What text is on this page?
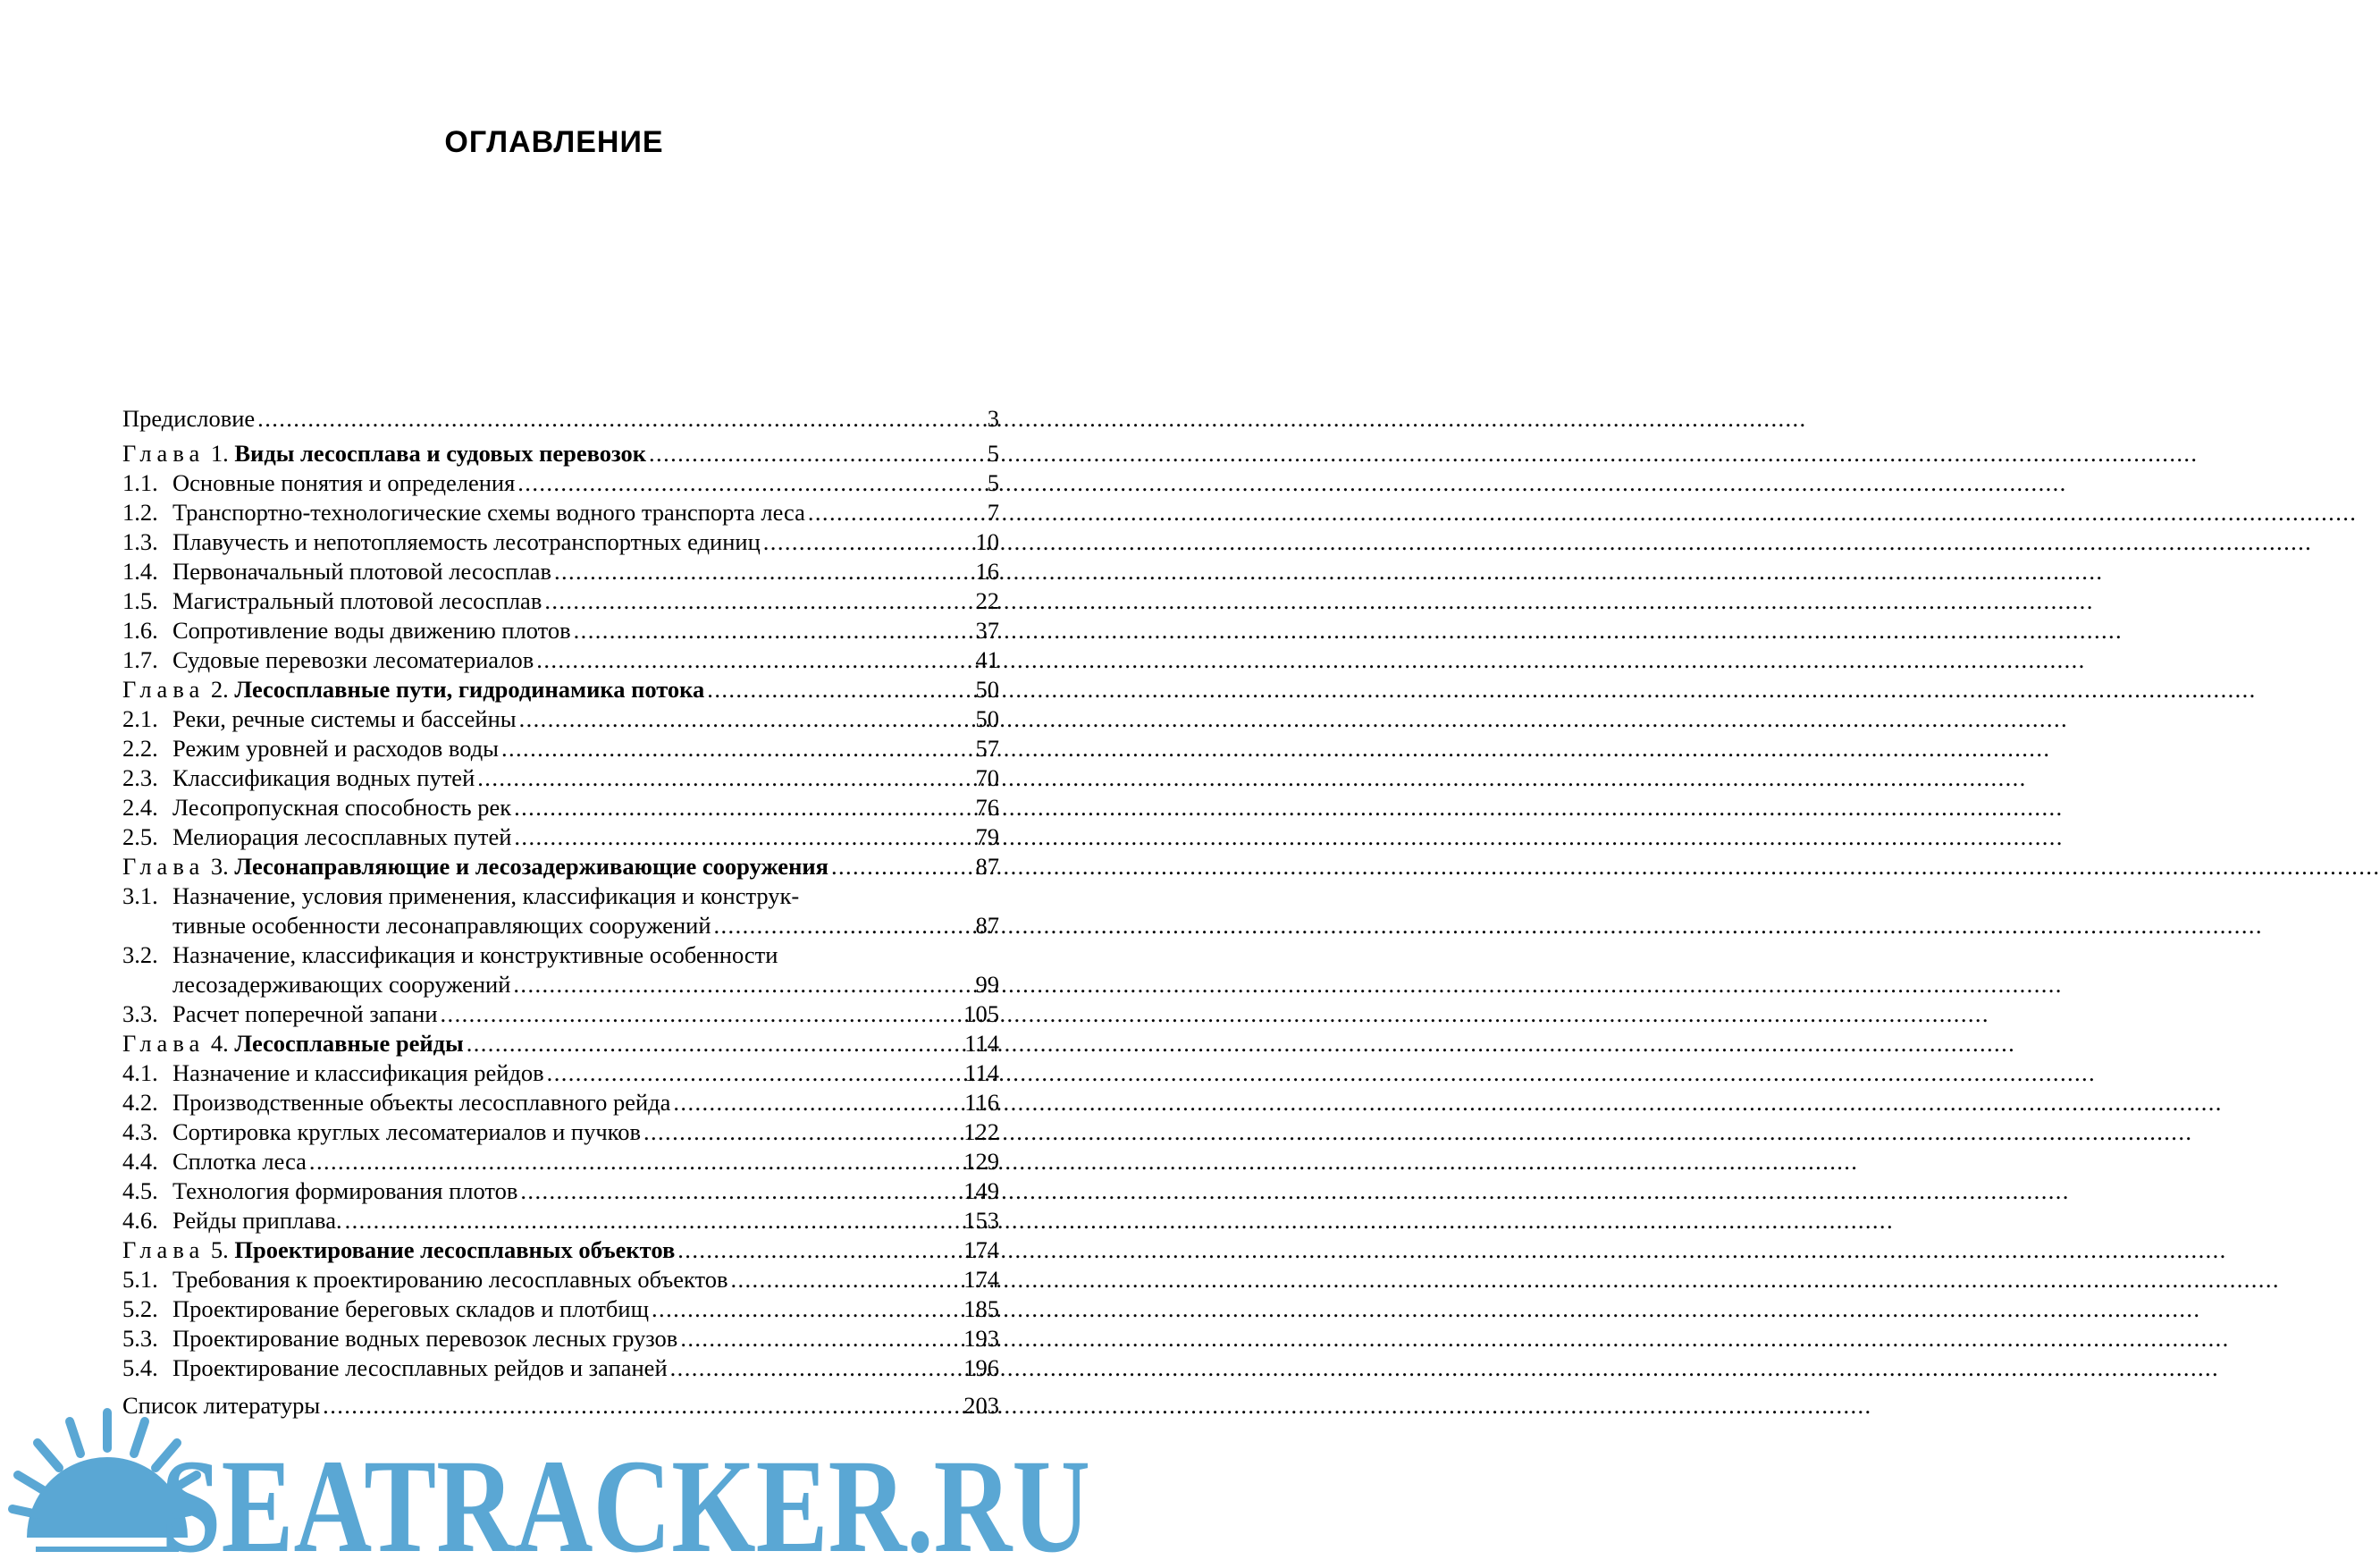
ОГЛАВЛЕНИЕ
Предисловие .....	3
Глава 1. Виды лесосплава и судовых перевозок .....	5
1.1. Основные понятия и определения .....	5
1.2. Транспортно-технологические схемы водного транспорта леса .....	7
1.3. Плавучесть и непотопляемость лесотранспортных единиц .....	10
1.4. Первоначальный плотовой лесосплав .....	16
1.5. Магистральный плотовой лесосплав .....	22
1.6. Сопротивление воды движению плотов .....	37
1.7. Судовые перевозки лесоматериалов .....	41
Глава 2. Лесосплавные пути, гидродинамика потока .....	50
2.1. Реки, речные системы и бассейны .....	50
2.2. Режим уровней и расходов воды .....	57
2.3. Классификация водных путей .....	70
2.4. Лесопропускная способность рек .....	76
2.5. Мелиорация лесосплавных путей .....	79
Глава 3. Лесонаправляющие и лесозадерживающие сооружения .....	87
3.1. Назначение, условия применения, классификация и конструк-
тивные особенности лесонаправляющих сооружений .....	87
3.2. Назначение, классификация и конструктивные особенности
лесозадерживающих сооружений .....	99
3.3. Расчет поперечной запани .....	105
Глава 4. Лесосплавные рейды .....	114
4.1. Назначение и классификация рейдов .....	114
4.2. Производственные объекты лесосплавного рейда .....	116
4.3. Сортировка круглых лесоматериалов и пучков .....	122
4.4. Сплотка леса .....	129
4.5. Технология формирования плотов .....	149
4.6. Рейды приплава. .....	153
Глава 5. Проектирование лесосплавных объектов .....	174
5.1. Требования к проектированию лесосплавных объектов .....	174
5.2. Проектирование береговых складов и плотбищ .....	185
5.3. Проектирование водных перевозок лесных грузов .....	193
5.4. Проектирование лесосплавных рейдов и запаней .....	196
Список литературы .....	203
SEATRACKER.RU
